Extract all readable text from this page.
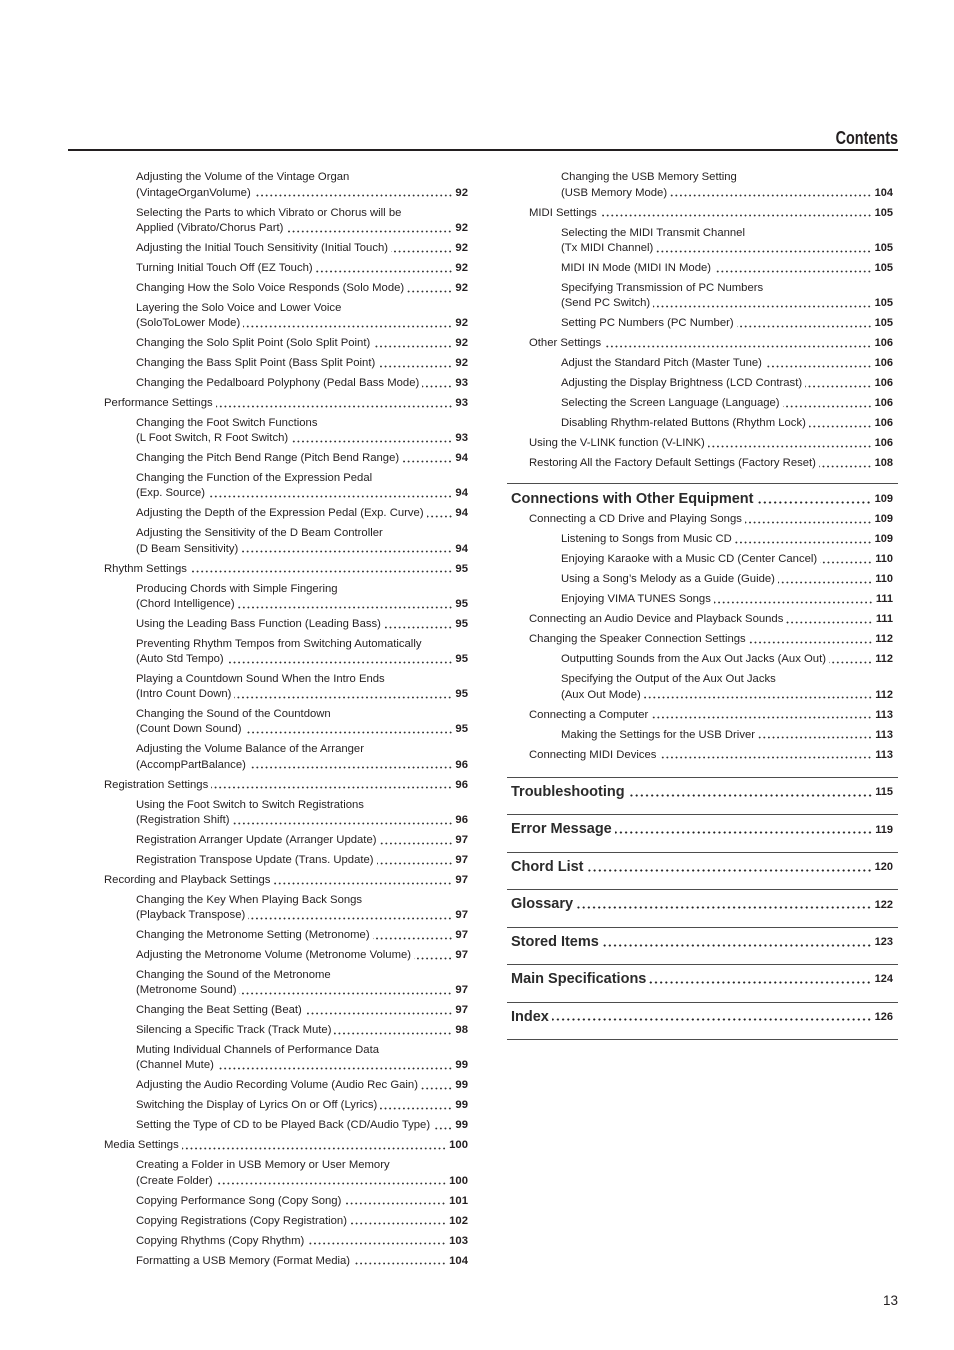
Contents
Adjusting the Volume of the Vintage Organ
(VintageOrganVolume)	92
Selecting the Parts to which Vibrato or Chorus will be
Applied (Vibrato/Chorus Part)	92
Adjusting the Initial Touch Sensitivity (Initial Touch)	92
Turning Initial Touch Off (EZ Touch)	92
Changing How the Solo Voice Responds (Solo Mode)	92
Layering the Solo Voice and Lower Voice
(SoloToLower Mode)	92
Changing the Solo Split Point (Solo Split Point)	92
Changing the Bass Split Point (Bass Split Point)	92
Changing the Pedalboard Polyphony (Pedal Bass Mode)	93
Performance Settings	93
Changing the Foot Switch Functions
(L Foot Switch, R Foot Switch)	93
Changing the Pitch Bend Range (Pitch Bend Range)	94
Changing the Function of the Expression Pedal
(Exp. Source)	94
Adjusting the Depth of the Expression Pedal (Exp. Curve)	94
Adjusting the Sensitivity of the D Beam Controller
(D Beam Sensitivity)	94
Rhythm Settings	95
Producing Chords with Simple Fingering
(Chord Intelligence)	95
Using the Leading Bass Function (Leading Bass)	95
Preventing Rhythm Tempos from Switching Automatically
(Auto Std Tempo)	95
Playing a Countdown Sound When the Intro Ends
(Intro Count Down)	95
Changing the Sound of the Countdown
(Count Down Sound)	95
Adjusting the Volume Balance of the Arranger
(AccompPartBalance)	96
Registration Settings	96
Using the Foot Switch to Switch Registrations
(Registration Shift)	96
Registration Arranger Update (Arranger Update)	97
Registration Transpose Update (Trans. Update)	97
Recording and Playback Settings	97
Changing the Key When Playing Back Songs
(Playback Transpose)	97
Changing the Metronome Setting (Metronome)	97
Adjusting the Metronome Volume (Metronome Volume)	97
Changing the Sound of the Metronome
(Metronome Sound)	97
Changing the Beat Setting (Beat)	97
Silencing a Specific Track (Track Mute)	98
Muting Individual Channels of Performance Data
(Channel Mute)	99
Adjusting the Audio Recording Volume (Audio Rec Gain)	99
Switching the Display of Lyrics On or Off (Lyrics)	99
Setting the Type of CD to be Played Back (CD/Audio Type) 99
Media Settings	100
Creating a Folder in USB Memory or User Memory
(Create Folder)	100
Copying Performance Song (Copy Song)	101
Copying Registrations (Copy Registration)	102
Copying Rhythms (Copy Rhythm)	103
Formatting a USB Memory (Format Media)	104
Changing the USB Memory Setting
(USB Memory Mode)	104
MIDI Settings	105
Selecting the MIDI Transmit Channel
(Tx MIDI Channel)	105
MIDI IN Mode (MIDI IN Mode)	105
Specifying Transmission of PC Numbers
(Send PC Switch)	105
Setting PC Numbers (PC Number)	105
Other Settings	106
Adjust the Standard Pitch (Master Tune)	106
Adjusting the Display Brightness (LCD Contrast)	106
Selecting the Screen Language (Language)	106
Disabling Rhythm-related Buttons (Rhythm Lock)	106
Using the V-LINK function (V-LINK)	106
Restoring All the Factory Default Settings (Factory Reset)	108
Connections with Other Equipment	109
Connecting a CD Drive and Playing Songs	109
Listening to Songs from Music CD	109
Enjoying Karaoke with a Music CD (Center Cancel)	110
Using a Song’s Melody as a Guide (Guide)	110
Enjoying VIMA TUNES Songs	111
Connecting an Audio Device and Playback Sounds	111
Changing the Speaker Connection Settings	112
Outputting Sounds from the Aux Out Jacks (Aux Out)	112
Specifying the Output of the Aux Out Jacks
(Aux Out Mode)	112
Connecting a Computer	113
Making the Settings for the USB Driver	113
Connecting MIDI Devices	113
Troubleshooting	115
Error Message	119
Chord List	120
Glossary	122
Stored Items	123
Main Specifications	124
Index	126
13
